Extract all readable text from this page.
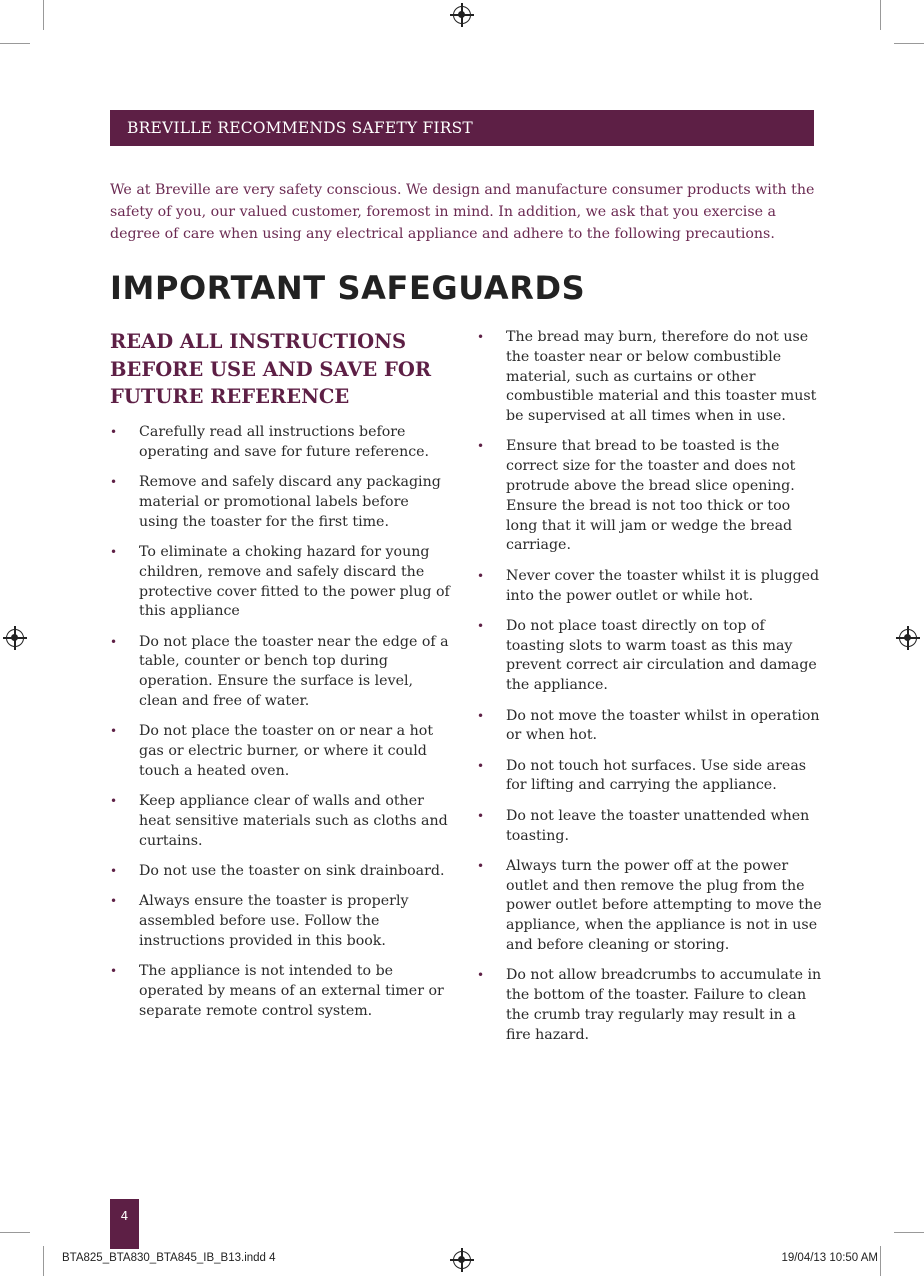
BREVILLE RECOMMENDS SAFETY FIRST
We at Breville are very safety conscious. We design and manufacture consumer products with the safety of you, our valued customer, foremost in mind. In addition, we ask that you exercise a degree of care when using any electrical appliance and adhere to the following precautions.
IMPORTANT SAFEGUARDS
READ ALL INSTRUCTIONS BEFORE USE AND SAVE FOR FUTURE REFERENCE
• Carefully read all instructions before operating and save for future reference.
• Remove and safely discard any packaging material or promotional labels before using the toaster for the first time.
• To eliminate a choking hazard for young children, remove and safely discard the protective cover fitted to the power plug of this appliance
• Do not place the toaster near the edge of a table, counter or bench top during operation. Ensure the surface is level, clean and free of water.
• Do not place the toaster on or near a hot gas or electric burner, or where it could touch a heated oven.
• Keep appliance clear of walls and other heat sensitive materials such as cloths and curtains.
• Do not use the toaster on sink drainboard.
• Always ensure the toaster is properly assembled before use. Follow the instructions provided in this book.
• The appliance is not intended to be operated by means of an external timer or separate remote control system.
• The bread may burn, therefore do not use the toaster near or below combustible material, such as curtains or other combustible material and this toaster must be supervised at all times when in use.
• Ensure that bread to be toasted is the correct size for the toaster and does not protrude above the bread slice opening. Ensure the bread is not too thick or too long that it will jam or wedge the bread carriage.
• Never cover the toaster whilst it is plugged into the power outlet or while hot.
• Do not place toast directly on top of toasting slots to warm toast as this may prevent correct air circulation and damage the appliance.
• Do not move the toaster whilst in operation or when hot.
• Do not touch hot surfaces. Use side areas for lifting and carrying the appliance.
• Do not leave the toaster unattended when toasting.
• Always turn the power off at the power outlet and then remove the plug from the power outlet before attempting to move the appliance, when the appliance is not in use and before cleaning or storing.
• Do not allow breadcrumbs to accumulate in the bottom of the toaster. Failure to clean the crumb tray regularly may result in a fire hazard.
4
BTA825_BTA830_BTA845_IB_B13.indd 4	19/04/13 10:50 AM
